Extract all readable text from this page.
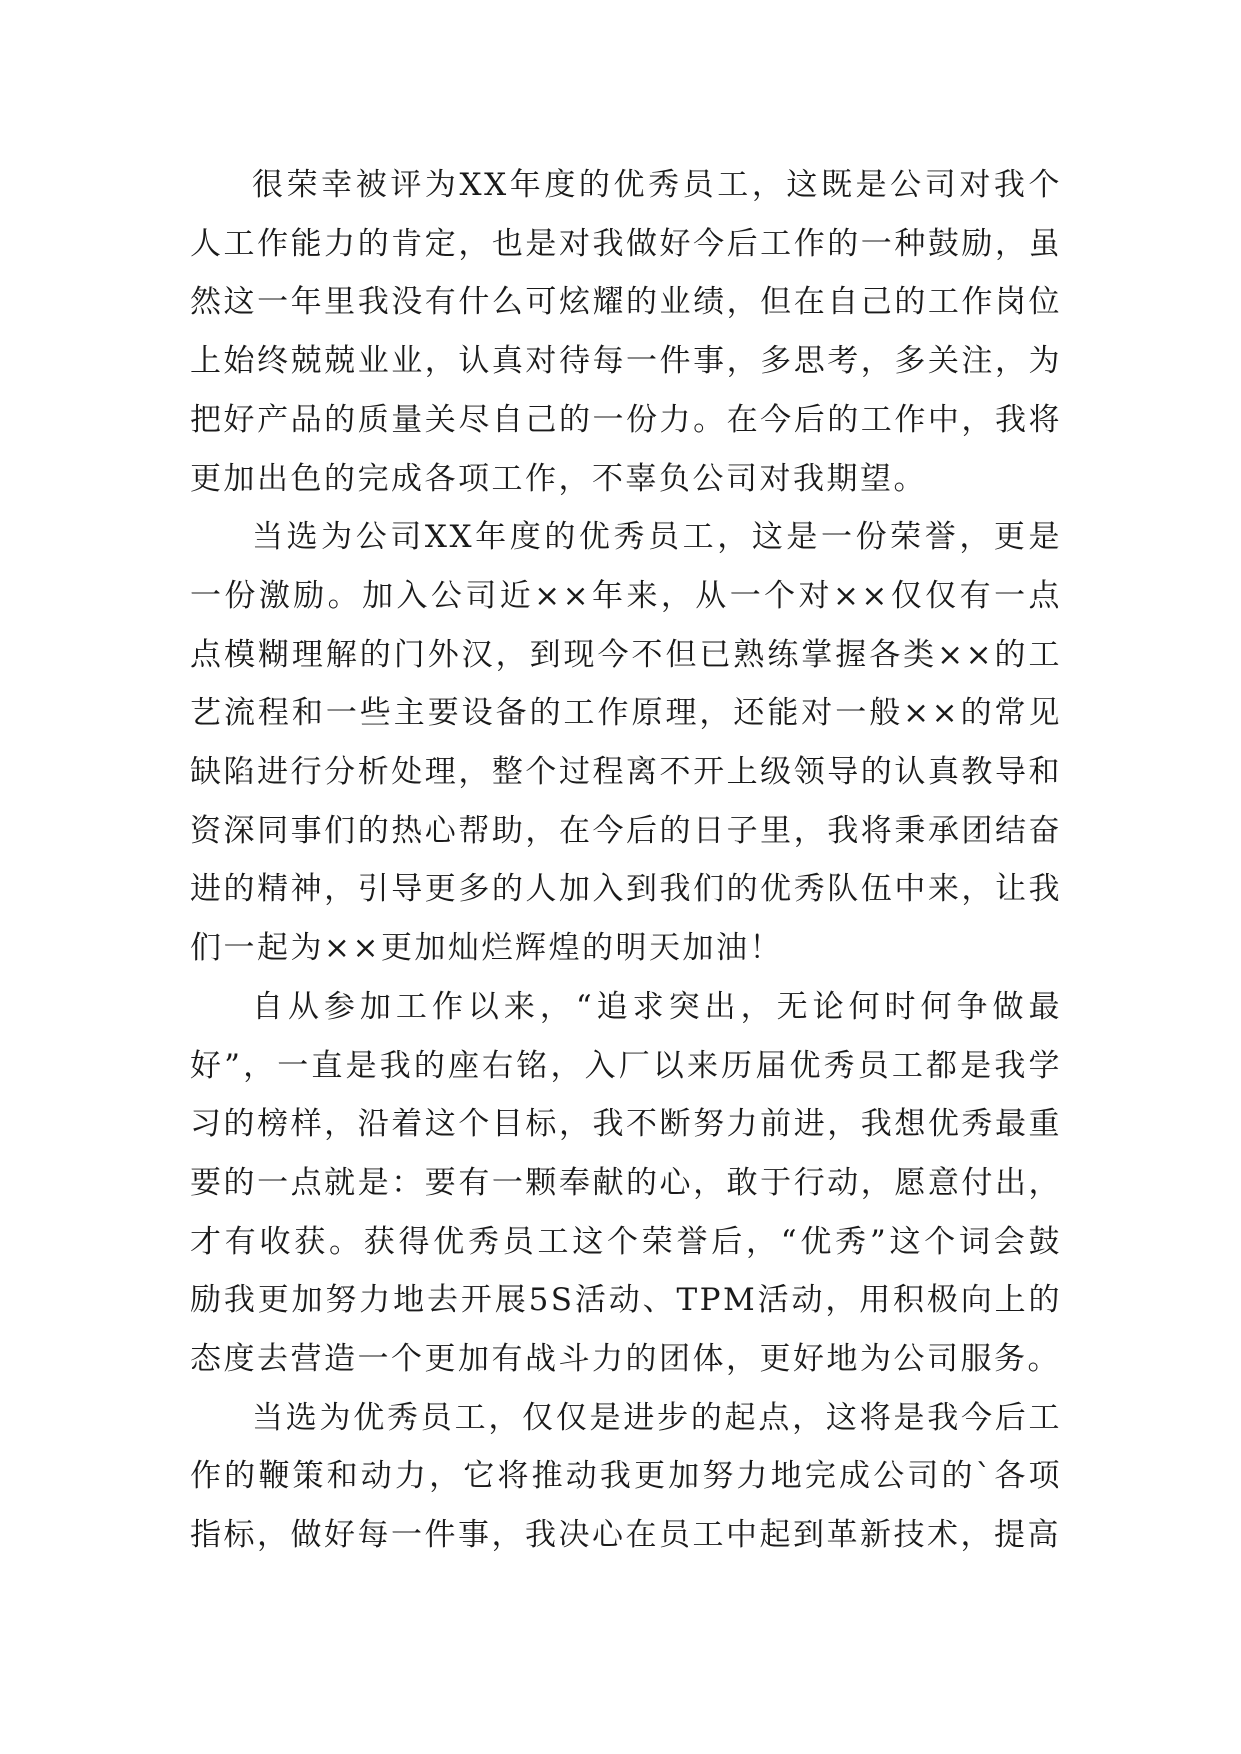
很荣幸被评为XX年度的优秀员工，这既是公司对我个人工作能力的肯定，也是对我做好今后工作的一种鼓励，虽然这一年里我没有什么可炫耀的业绩，但在自己的工作岗位上始终兢兢业业，认真对待每一件事，多思考，多关注，为把好产品的质量关尽自己的一份力。在今后的工作中，我将更加出色的完成各项工作，不辜负公司对我期望。

当选为公司XX年度的优秀员工，这是一份荣誉，更是一份激励。加入公司近××年来，从一个对××仅仅有一点点模糊理解的门外汉，到现今不但已熟练掌握各类××的工艺流程和一些主要设备的工作原理，还能对一般××的常见缺陷进行分析处理，整个过程离不开上级领导的认真教导和资深同事们的热心帮助，在今后的日子里，我将秉承团结奋进的精神，引导更多的人加入到我们的优秀队伍中来，让我们一起为××更加灿烂辉煌的明天加油！

自从参加工作以来，“追求突出，无论何时何争做最好”，一直是我的座右铭，入厂以来历届优秀员工都是我学习的榜样，沿着这个目标，我不断努力前进，我想优秀最重要的一点就是：要有一颗奉献的心，敢于行动，愿意付出，才有收获。获得优秀员工这个荣誉后，“优秀”这个词会鼓励我更加努力地去开展5S活动、TPM活动，用积极向上的态度去营造一个更加有战斗力的团体，更好地为公司服务。

当选为优秀员工，仅仅是进步的起点，这将是我今后工作的鞭策和动力，它将推动我更加努力地完成公司的`各项指标，做好每一件事，我决心在员工中起到革新技术，提高
